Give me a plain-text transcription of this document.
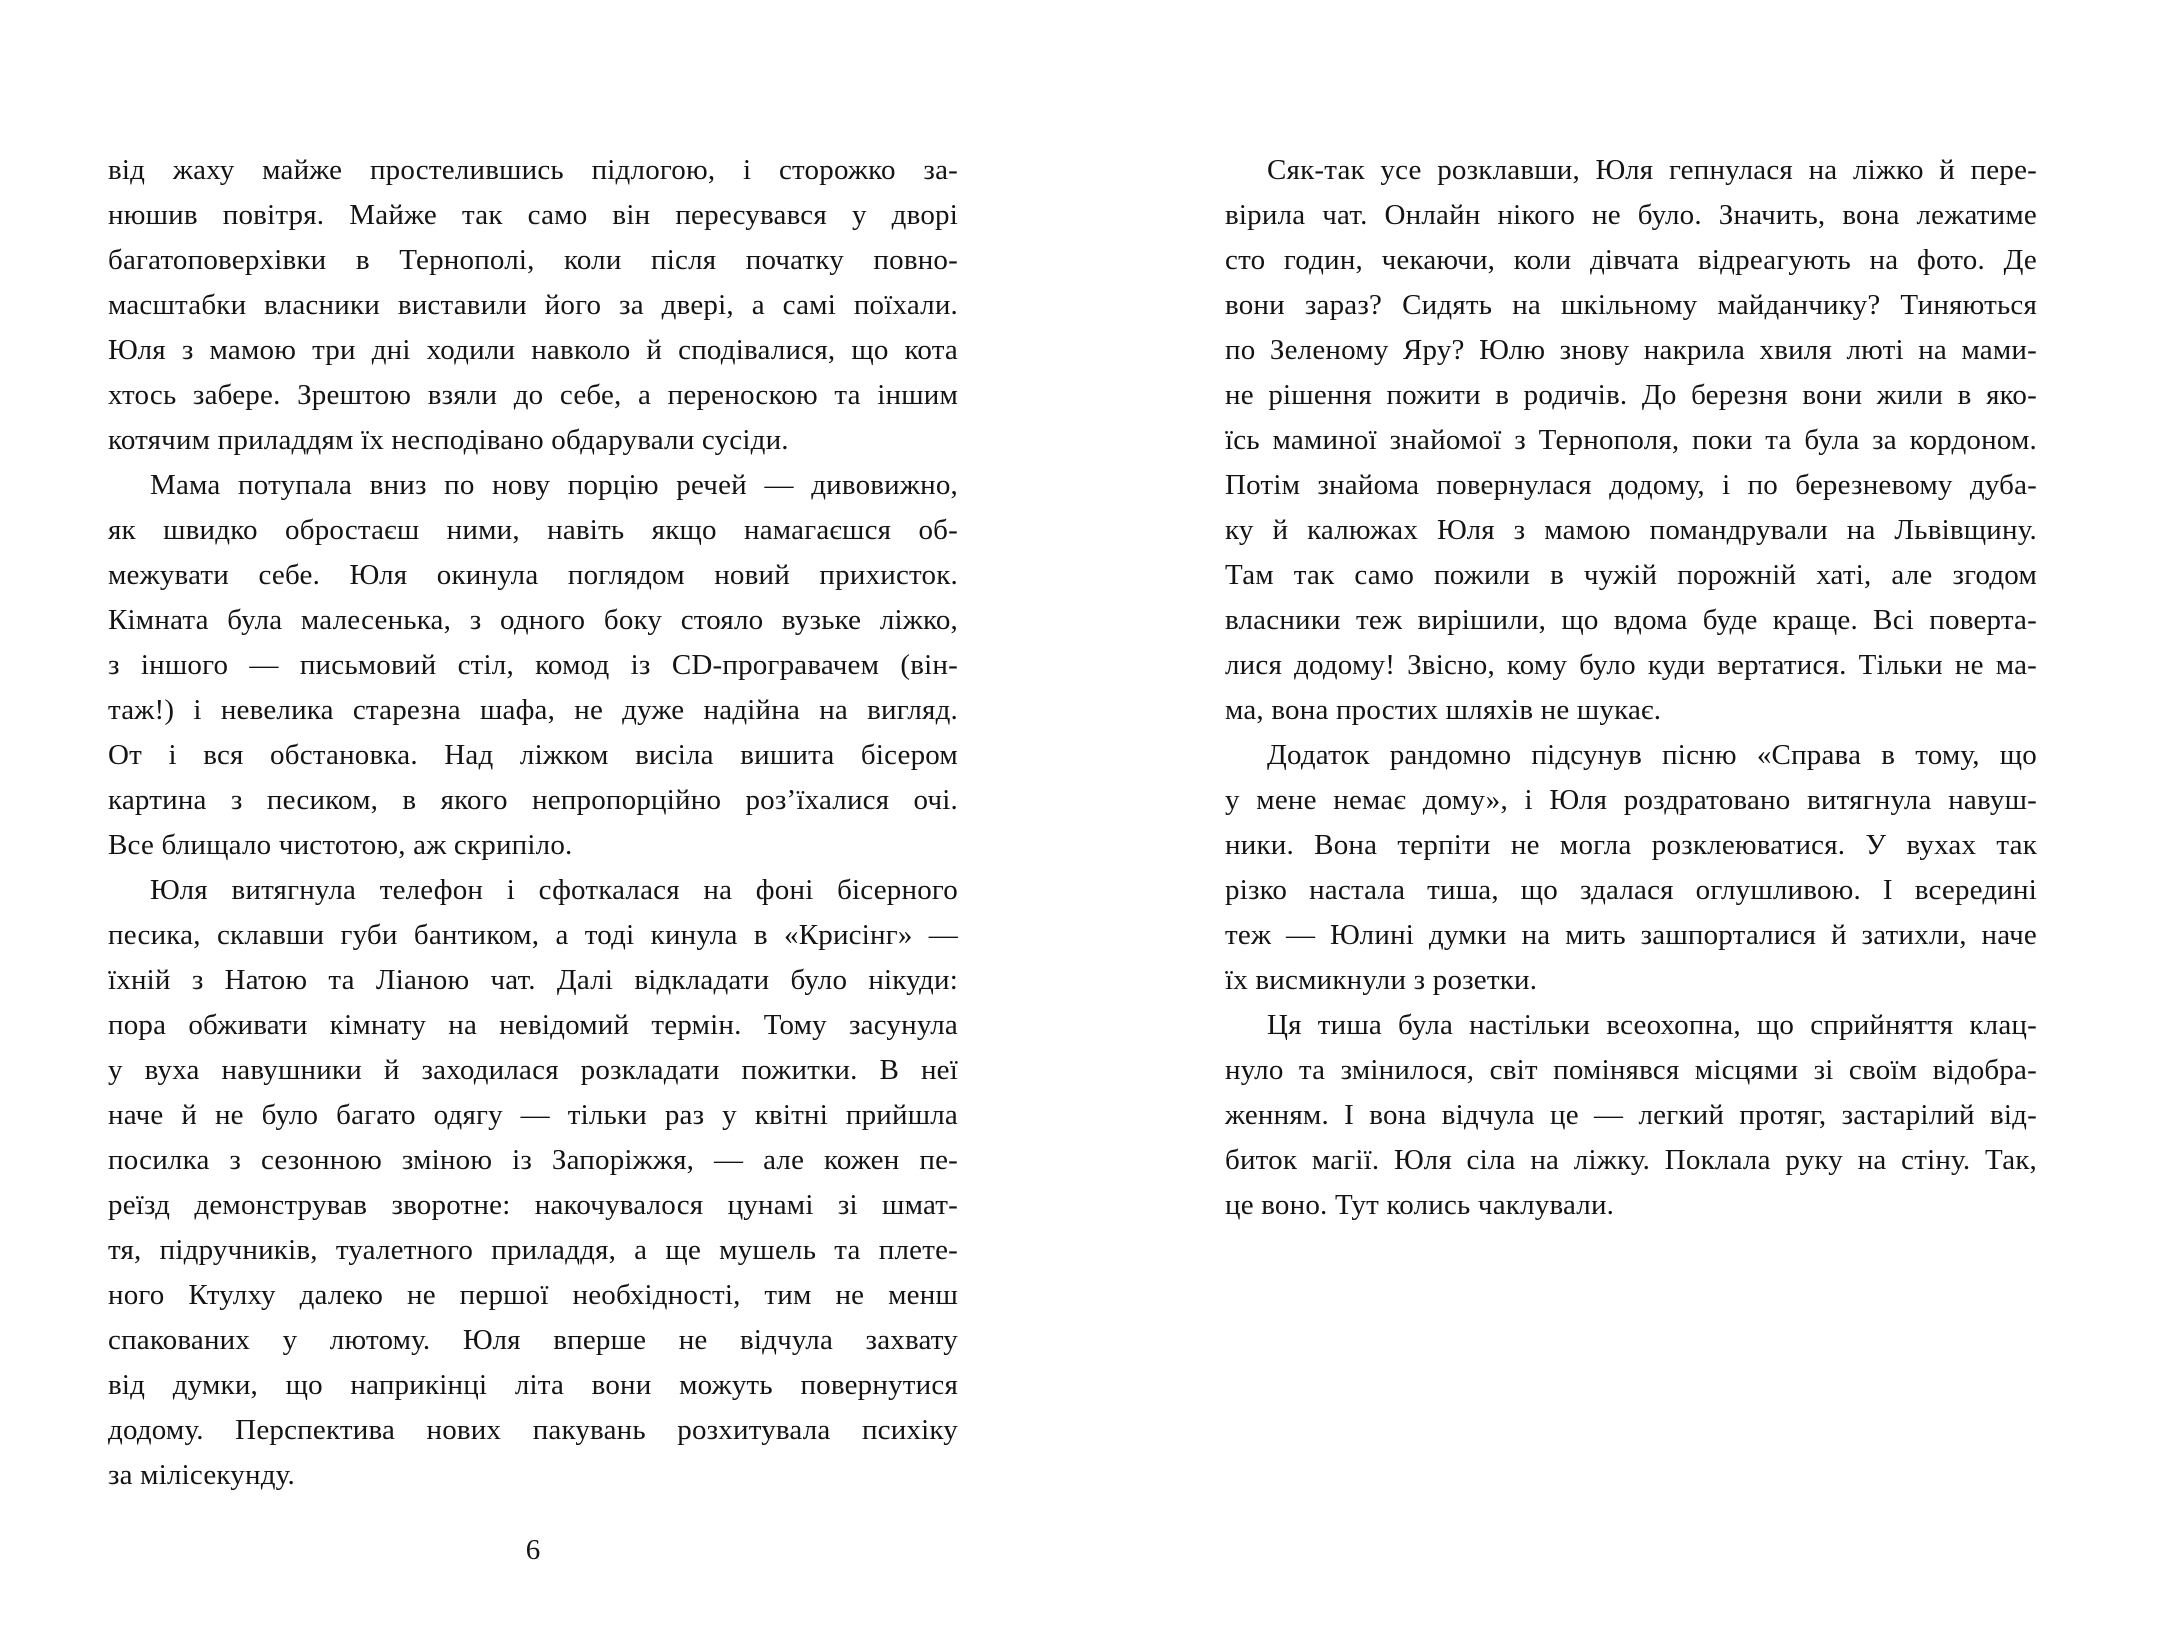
від жаху майже простелившись підлогою, і сторожко за-
нюшив повітря. Майже так само він пересувався у дворі
багатоповерхівки в Тернополі, коли після початку повно-
масштабки власники виставили його за двері, а самі поїхали.
Юля з мамою три дні ходили навколо й сподівалися, що кота
хтось забере. Зрештою взяли до себе, а переноскою та іншим
котячим приладдям їх несподівано обдарували сусіди.
Мама потупала вниз по нову порцію речей — дивовижно,
як швидко обростаєш ними, навіть якщо намагаєшся об-
межувати себе. Юля окинула поглядом новий прихисток.
Кімната була малесенька, з одного боку стояло вузьке ліжко,
з іншого — письмовий стіл, комод із CD-програвачем (він-
таж!) і невелика старезна шафа, не дуже надійна на вигляд.
От і вся обстановка. Над ліжком висіла вишита бісером
картина з песиком, в якого непропорційно роз’їхалися очі.
Все блищало чистотою, аж скрипіло.
Юля витягнула телефон і сфоткалася на фоні бісерного
песика, склавши губи бантиком, а тоді кинула в «Крисінг» —
їхній з Натою та Ліаною чат. Далі відкладати було нікуди:
пора обживати кімнату на невідомий термін. Тому засунула
у вуха навушники й заходилася розкладати пожитки. В неї
наче й не було багато одягу — тільки раз у квітні прийшла
посилка з сезонною зміною із Запоріжжя, — але кожен пе-
реїзд демонстрував зворотне: накочувалося цунамі зі шмат-
тя, підручників, туалетного приладдя, а ще мушель та плете-
ного Ктулху далеко не першої необхідності, тим не менш
спакованих у лютому. Юля вперше не відчула захвату
від думки, що наприкінці літа вони можуть повернутися
додому. Перспектива нових пакувань розхитувала психіку
за мілісекунду.
6
Сяк-так усе розклавши, Юля гепнулася на ліжко й пере-
вірила чат. Онлайн нікого не було. Значить, вона лежатиме
сто годин, чекаючи, коли дівчата відреагують на фото. Де
вони зараз? Сидять на шкільному майданчику? Тиняються
по Зеленому Яру? Юлю знову накрила хвиля люті на мами-
не рішення пожити в родичів. До березня вони жили в яко-
їсь маминої знайомої з Тернополя, поки та була за кордоном.
Потім знайома повернулася додому, і по березневому дуба-
ку й калюжах Юля з мамою помандрували на Львівщину.
Там так само пожили в чужій порожній хаті, але згодом
власники теж вирішили, що вдома буде краще. Всі поверта-
лися додому! Звісно, кому було куди вертатися. Тільки не ма-
ма, вона простих шляхів не шукає.
Додаток рандомно підсунув пісню «Справа в тому, що
у мене немає дому», і Юля роздратовано витягнула навуш-
ники. Вона терпіти не могла розклеюватися. У вухах так
різко настала тиша, що здалася оглушливою. І всередині
теж — Юлині думки на мить зашпорталися й затихли, наче
їх висмикнули з розетки.
Ця тиша була настільки всеохопна, що сприйняття клац-
нуло та змінилося, світ помінявся місцями зі своїм відобра-
женням. І вона відчула це — легкий протяг, застарілий від-
биток магії. Юля сіла на ліжку. Поклала руку на стіну. Так,
це воно. Тут колись чаклували.
